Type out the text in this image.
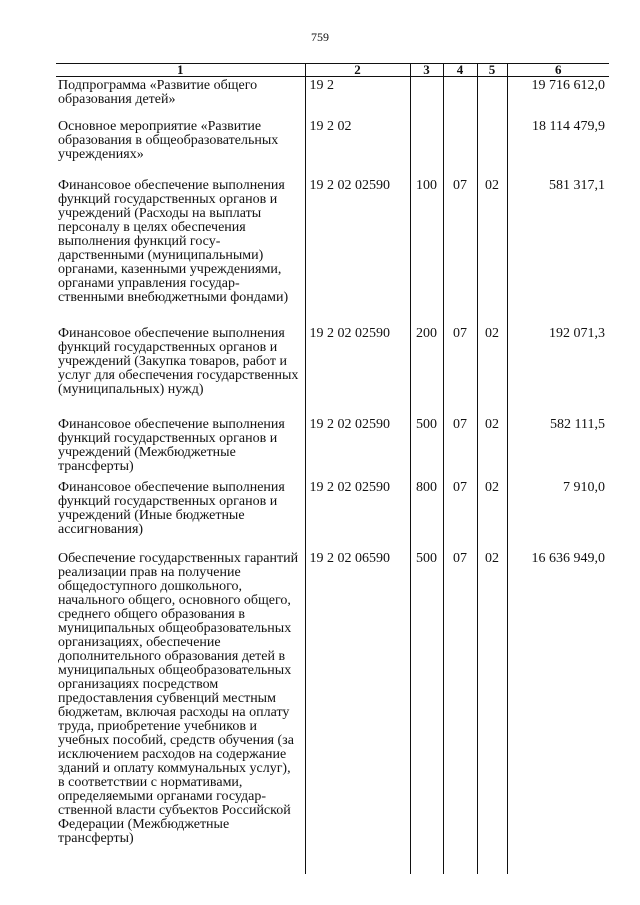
759
1	2	3	4	5	6
Подпрограмма «Развитие общего образования детей»	19 2				19 716 612,0
Основное мероприятие «Развитие образования в общеобразовательных учреждениях»	19 2 02				18 114 479,9
Финансовое обеспечение выполнения функций государственных органов и учреждений (Расходы на выплаты персоналу в целях обеспечения выполнения функций государственными (муниципальными) органами, казенными учреждениями, органами управления государственными внебюджетными фондами)	19 2 02 02590	100	07	02	581 317,1
Финансовое обеспечение выполнения функций государственных органов и учреждений (Закупка товаров, работ и услуг для обеспечения государственных (муниципальных) нужд)	19 2 02 02590	200	07	02	192 071,3
Финансовое обеспечение выполнения функций государственных органов и учреждений (Межбюджетные трансферты)	19 2 02 02590	500	07	02	582 111,5
Финансовое обеспечение выполнения функций государственных органов и учреждений (Иные бюджетные ассигнования)	19 2 02 02590	800	07	02	7 910,0
Обеспечение государственных гарантий реализации прав на получение общедоступного дошкольного, начального общего, основного общего, среднего общего образования в муниципальных общеобразовательных организациях, обеспечение дополнительного образования детей в муниципальных общеобразовательных организациях посредством предоставления субвенций местным бюджетам, включая расходы на оплату труда, приобретение учебников и учебных пособий, средств обучения (за исключением расходов на содержание зданий и оплату коммунальных услуг), в соответствии с нормативами, определяемыми органами государственной власти субъектов Российской Федерации (Межбюджетные трансферты)	19 2 02 06590	500	07	02	16 636 949,0
